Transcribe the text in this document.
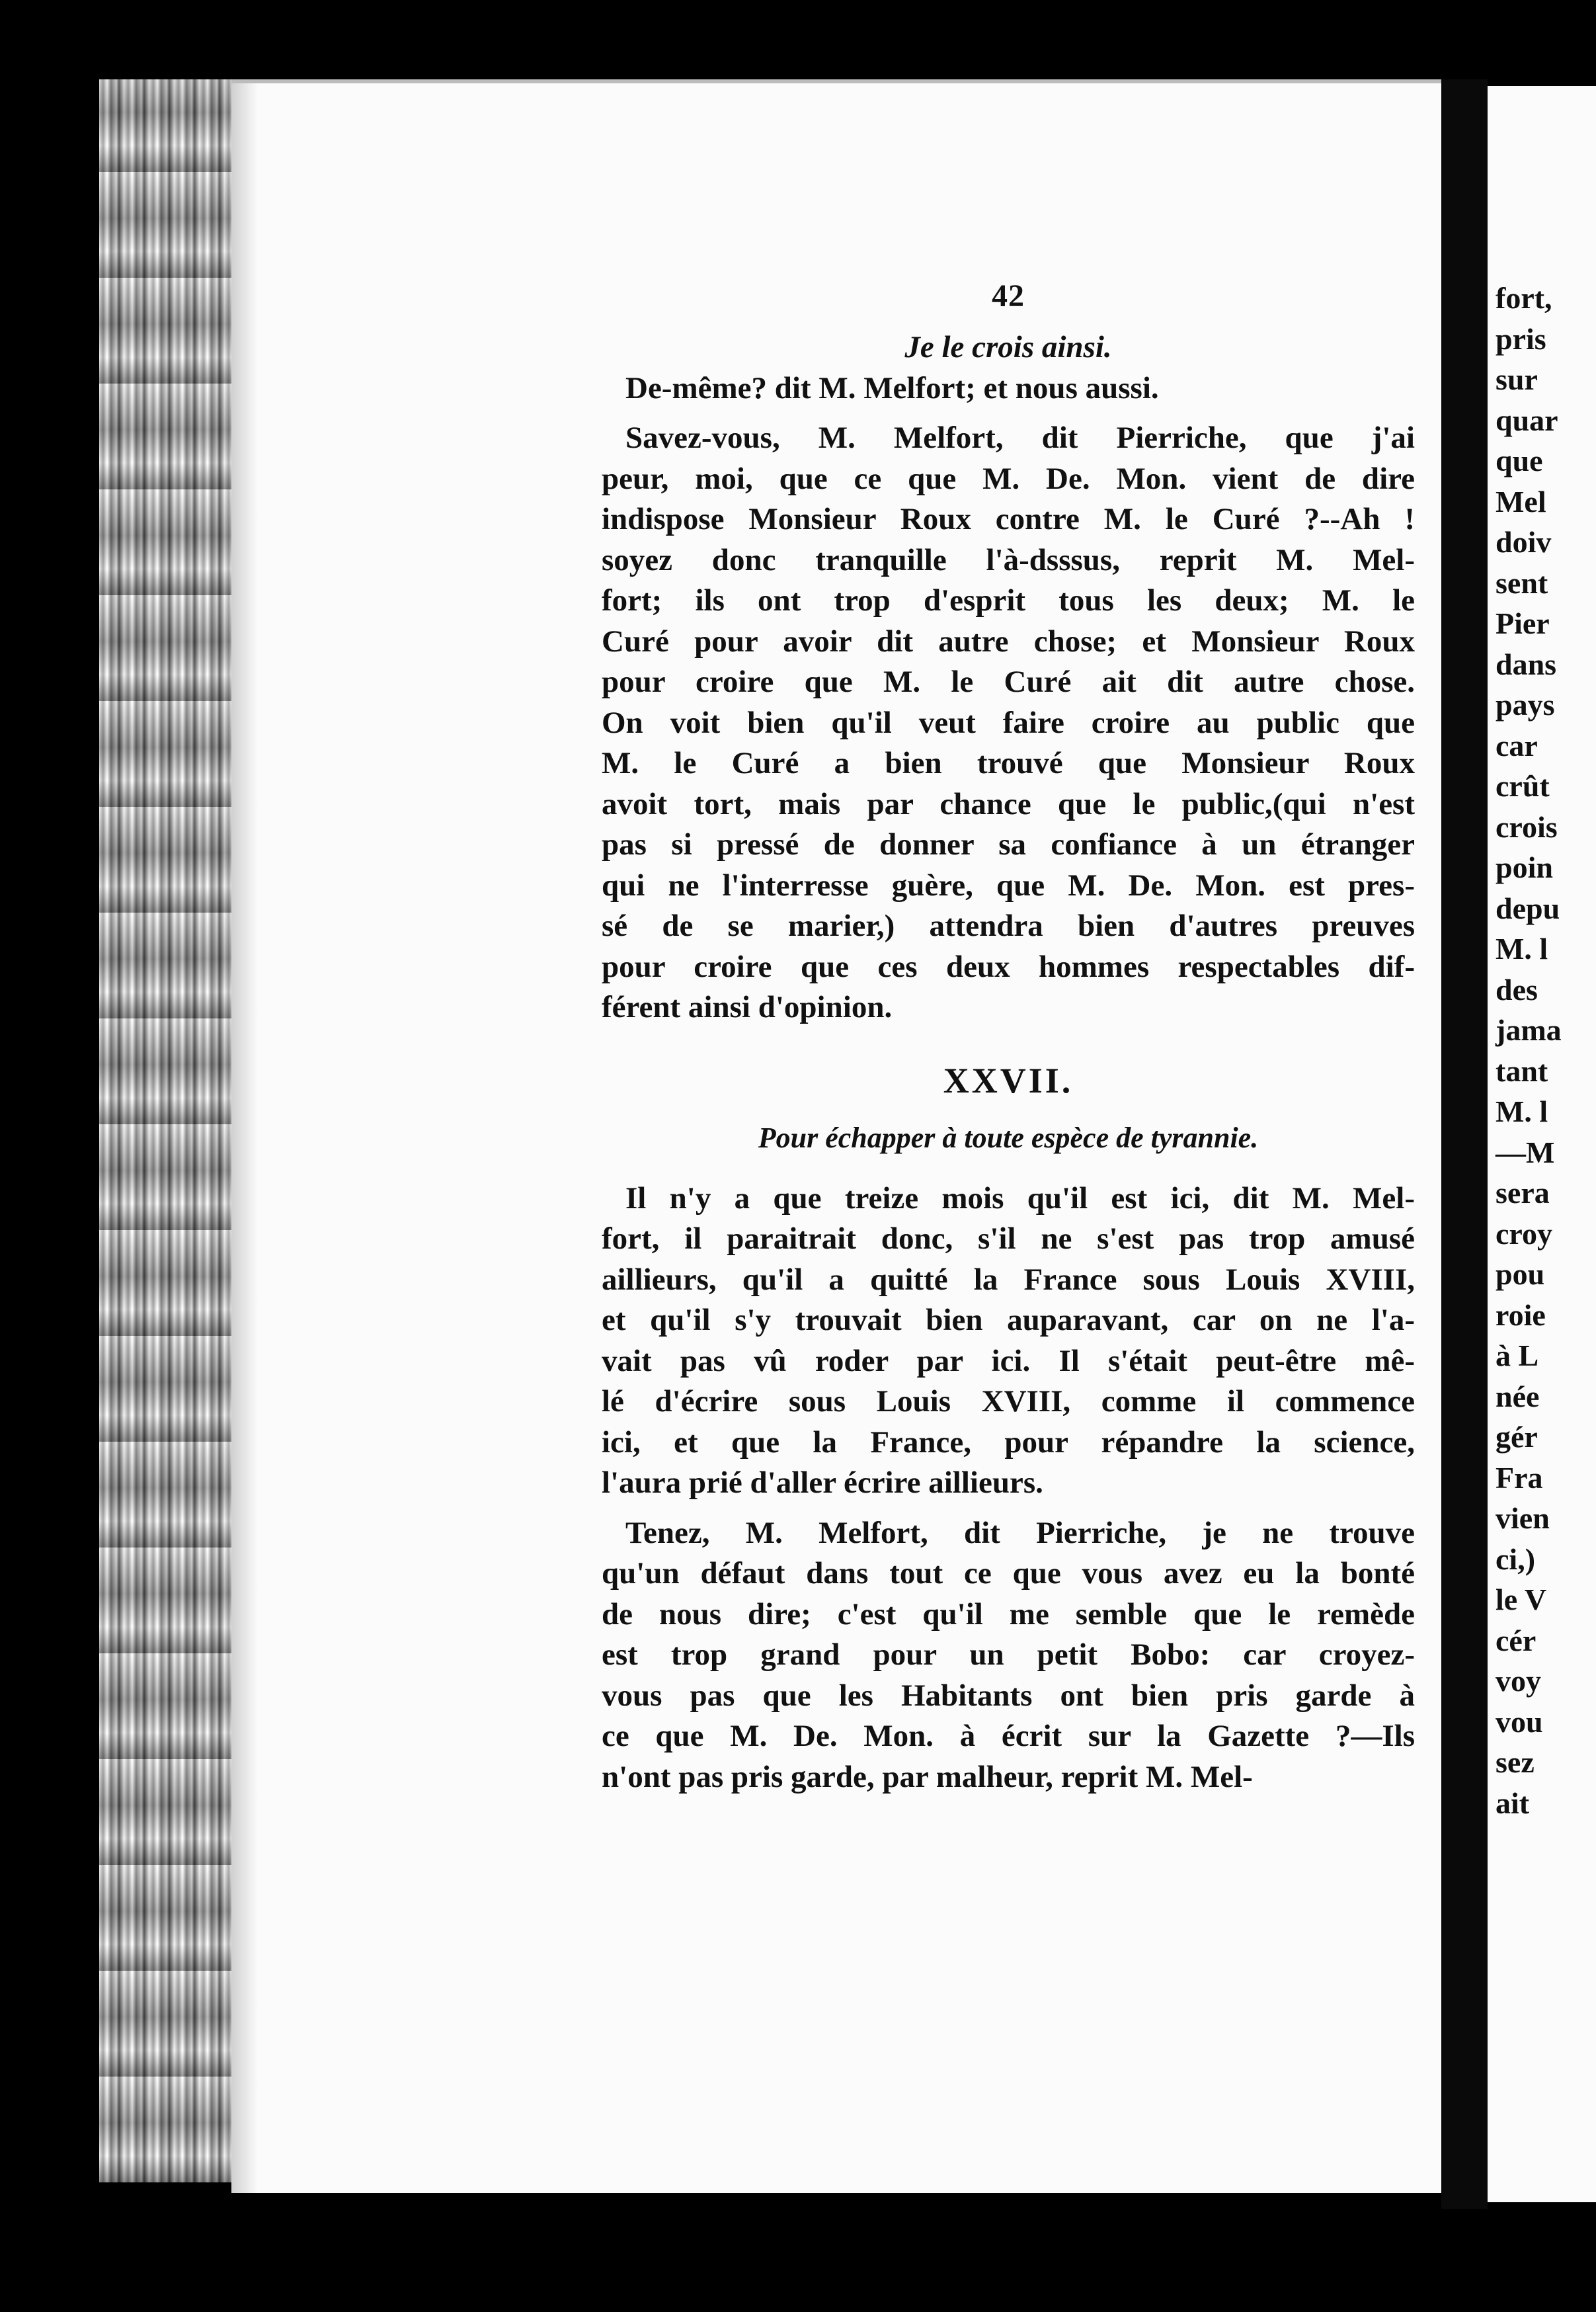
42
Je le crois ainsi.
De-même? dit M. Melfort; et nous aussi.
Savez-vous, M. Melfort, dit Pierriche, que j'ai
peur, moi, que ce que M. De. Mon. vient de dire
indispose Monsieur Roux contre M. le Curé ?--Ah !
soyez donc tranquille l'à-dsssus, reprit M. Mel-
fort; ils ont trop d'esprit tous les deux; M. le
Curé pour avoir dit autre chose; et Monsieur Roux
pour croire que M. le Curé ait dit autre chose.
On voit bien qu'il veut faire croire au public que
M. le Curé a bien trouvé que Monsieur Roux
avoit tort, mais par chance que le public,(qui n'est
pas si pressé de donner sa confiance à un étranger
qui ne l'interresse guère, que M. De. Mon. est pres-
sé de se marier,) attendra bien d'autres preuves
pour croire que ces deux hommes respectables dif-
férent ainsi d'opinion.
XXVII.
Pour échapper à toute espèce de tyrannie.
Il n'y a que treize mois qu'il est ici, dit M. Mel-
fort, il paraitrait donc, s'il ne s'est pas trop amusé
aillieurs, qu'il a quitté la France sous Louis XVIII,
et qu'il s'y trouvait bien auparavant, car on ne l'a-
vait pas vû roder par ici. Il s'était peut-être mê-
lé d'écrire sous Louis XVIII, comme il commence
ici, et que la France, pour répandre la science,
l'aura prié d'aller écrire aillieurs.
Tenez, M. Melfort, dit Pierriche, je ne trouve
qu'un défaut dans tout ce que vous avez eu la bonté
de nous dire; c'est qu'il me semble que le remède
est trop grand pour un petit Bobo: car croyez-
vous pas que les Habitants ont bien pris garde à
ce que M. De. Mon. à écrit sur la Gazette ?—Ils
n'ont pas pris garde, par malheur, reprit M. Mel-
fort,
pris
sur
quar
que
Mel
doiv
sent
Pier
dans
pays
car
crût
crois
poin
depu
M. l
des
jama
tant
M. l
—M
sera
croy
pou
roie
à L
née
gér
Fra
vien
ci,)
le V
cér
voy
vou
sez
ait
